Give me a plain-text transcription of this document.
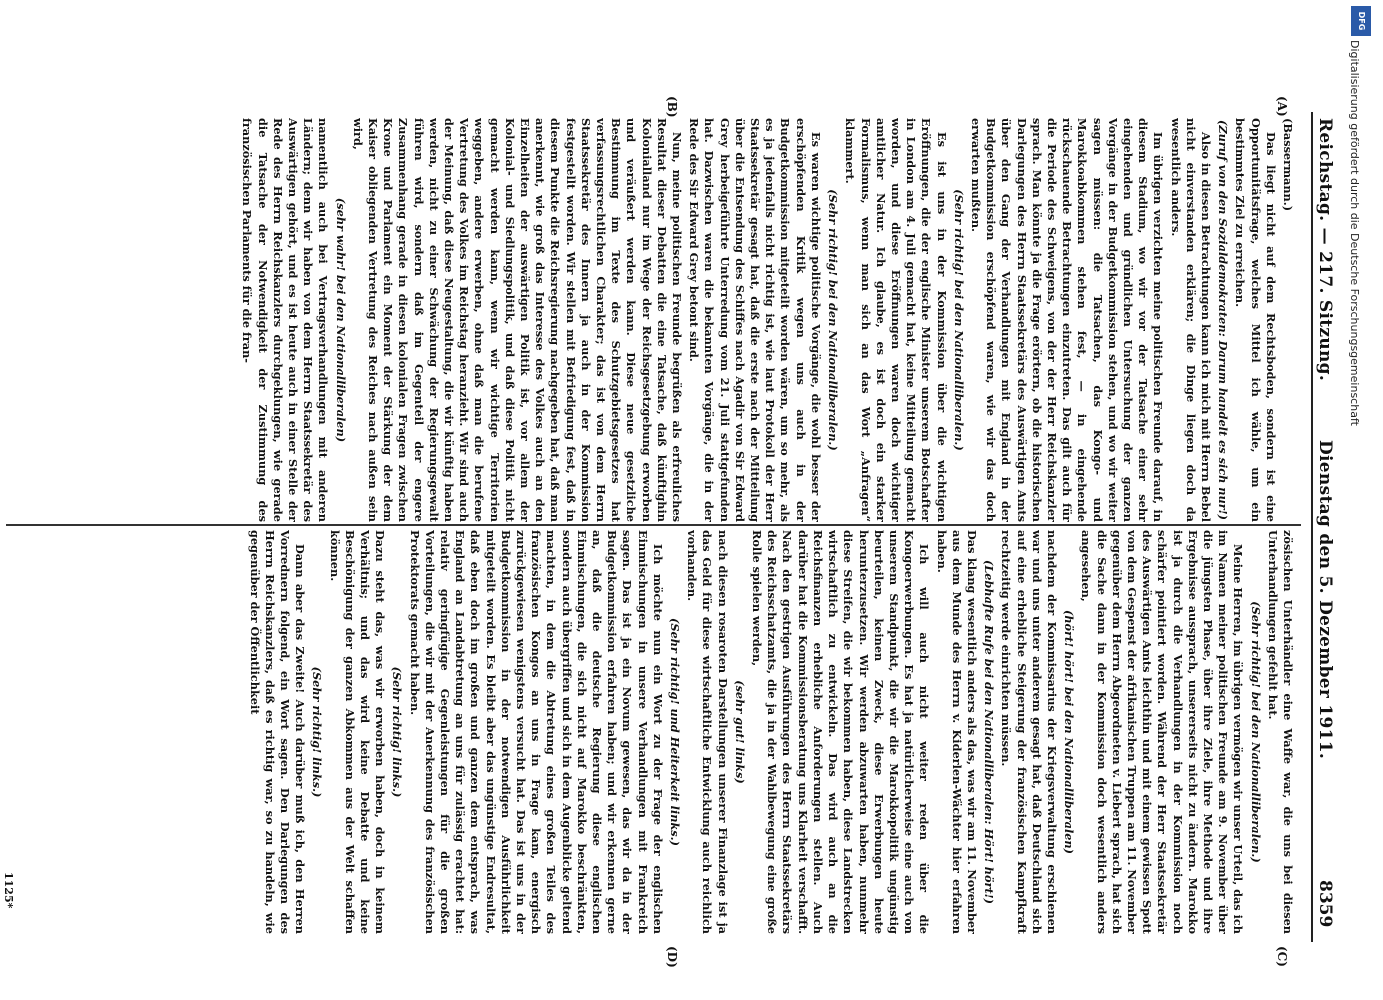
Reichstag. — 217. Sitzung.
Dienstag den 5. Dezember 1911.
8359
(A)
(B)
(C)
(D)

(Bassermann.)

Das liegt nicht auf dem Rechtsboden, sondern ist eine Opportunitätsfrage, welches Mittel ich wähle, um ein bestimmtes Ziel zu erreichen.

(Zuruf von den Sozialdemokraten: Darum handelt es sich nur!)

Also in diesen Betrachtungen kann ich mich mit Herrn Bebel nicht einverstanden erklären; die Dinge liegen doch da wesentlich anders.

Im übrigen verzichten meine politischen Freunde darauf, in diesem Stadium, wo wir vor der Tatsache einer sehr eingehenden und gründlichen Untersuchung der ganzen Vorgänge in der Budgetkommission stehen, und wo wir weiter sagen müssen: die Tatsachen, das Kongo- und Marokkoabkommen stehen fest, — in eingehende rückschauende Betrachtungen einzutreten. Das gilt auch für die Periode des Schweigens, von der der Herr Reichskanzler sprach. Man könnte ja die Frage erörtern, ob die historischen Darlegungen des Herrn Staatssekretärs des Auswärtigen Amts über den Gang der Verhandlungen mit England in der Budgetkommission erschöpfend waren, wie wir das doch erwarten mußten.

(Sehr richtig! bei den Nationalliberalen.)

Es ist uns in der Kommission über die wichtigen Eröffnungen, die der englische Minister unserem Botschafter in London am 4. Juli gemacht hat, keine Mitteilung gemacht worden, und diese Eröffnungen waren doch wichtiger amtlicher Natur. Ich glaube, es ist doch ein starker Formalismus, wenn man sich an das Wort „Anfragen“ klammert.

(Sehr richtig! bei den Nationalliberalen.)

Es waren wichtige politische Vorgänge, die wohl besser der erschöpfenden Kritik wegen uns auch in der Budgetkommission mitgeteilt worden wären, um so mehr, als es ja jedenfalls nicht richtig ist, wie laut Protokoll der Herr Staatssekretär gesagt hat, daß die erste nach der Mitteilung über die Entsendung des Schiffes nach Agadir von Sir Edward Grey herbeigeführte Unterredung vom 21. Juli stattgefunden hat. Dazwischen waren die bekannten Vorgänge, die in der Rede des Sir Edward Grey betont sind.

Nun, meine politischen Freunde begrüßen als erfreuliches Resultat dieser Debatten die eine Tatsache, daß künftighin Kolonialland nur im Wege der Reichsgesetzgebung erworben und veräußert werden kann. Diese neue gesetzliche Bestimmung im Texte des Schutzgebietsgesetzes hat verfassungsrechtlichen Charakter; das ist von dem Herrn Staatssekretär des Innern ja auch in der Kommission festgestellt worden. Wir stellen mit Befriedigung fest, daß in diesem Punkte die Reichsregierung nachgegeben hat, daß man anerkennt, wie groß das Interesse des Volkes auch an den Einzelheiten der auswärtigen Politik ist, vor allem der Kolonial- und Siedlungspolitik, und daß diese Politik nicht gemacht werden kann, wenn wir wichtige Territorien weggeben, andere erwerben, ohne daß man die berufene Vertretung des Volkes im Reichstag heranzieht. Wir sind auch der Meinung, daß diese Neugestaltung, die wir künftig haben werden, nicht zu einer Schwächung der Regierungsgewalt führen wird, sondern daß im Gegenteil der engere Zusammenhang gerade in diesen kolonialen Fragen zwischen Krone und Parlament ein Moment der Stärkung der dem Kaiser obliegenden Vertretung des Reiches nach außen sein wird,

(sehr wahr! bei den Nationalliberalen)

namentlich auch bei Vertragsverhandlungen mit anderen Ländern; denn wir haben von dem Herrn Staatssekretär des Auswärtigen gehört, und es ist heute auch in einer Stelle der Rede des Herrn Reichskanzlers durchgeklungen, wie gerade die Tatsache der Notwendigkeit der Zustimmung des französischen Parlaments für die fran-

zösischen Unterhändler eine Waffe war, die uns bei diesen Unterhandlungen gefehlt hat.

(Sehr richtig! bei den Nationalliberalen.)

Meine Herren, im übrigen vermögen wir unser Urteil, das ich im Namen meiner politischen Freunde am 9. November über die jüngsten Phase, über ihre Ziele, ihre Methode und ihre Ergebnisse aussprach, unsererseits nicht zu ändern. Marokko ist ja durch die Verhandlungen in der Kommission noch schärfer pointiert worden. Während der Herr Staatssekretär des Auswärtigen Amts leichthin und mit einem gewissen Spott von dem Gespenst der afrikanischen Truppen am 11. November gegenüber dem Herrn Abgeordneten v. Liebert sprach, hat sich die Sache dann in der Kommission doch wesentlich anders angesehen,

(hört! hört! bei den Nationalliberalen)

nachdem der Kommissarius der Kriegsverwaltung erschienen war und uns unter anderem gesagt hat, daß Deutschland sich auf eine erhebliche Steigerung der französischen Kampfkraft rechtzeitig werde einrichten müssen.

(Lebhafte Rufe bei den Nationalliberalen: Hört! hört!)

Das klang wesentlich anders als das, was wir am 11. November aus dem Munde des Herrn v. Kiderlen-Wächter hier erfahren haben.

Ich will auch nicht weiter reden über die Kongoerwerbungen. Es hat ja natürlicherweise eine auch von unserem Standpunkt, die wir die Marokkopolitik ungünstig beurteilen, keinen Zweck, diese Erwerbungen heute herunterzusetzen. Wir werden abzuwarten haben, nunmehr diese Streifen, die wir bekommen haben, diese Landstrecken wirtschaftlich zu entwickeln. Das wird auch an die Reichsfinanzen erhebliche Anforderungen stellen. Auch darüber hat die Kommissionsberatung uns Klarheit verschafft. Nach den gestrigen Ausführungen des Herrn Staatssekretärs des Reichsschatzamts, die ja in der Wahlbewegung eine große Rolle spielen werden,

(sehr gut! links)

nach diesen rosaroten Darstellungen unserer Finanzlage ist ja das Geld für diese wirtschaftliche Entwicklung auch reichlich vorhanden.

(Sehr richtig! und Heiterkeit links.)

Ich möchte nun ein Wort zu der Frage der englischen Einmischungen in unsere Verhandlungen mit Frankreich sagen. Das ist ja ein Novum gewesen, das wir da in der Budgetkommission erfahren haben; und wir erkennen gerne an, daß die deutsche Regierung diese englischen Einmischungen, die sich nicht auf Marokko beschränkten, sondern auch übergriffen und sich in dem Augenblicke geltend machten, in dem die Abtretung eines großen Teiles des französischen Kongos an uns in Frage kam, energisch zurückgewiesen wenigstens versucht hat. Das ist uns in der Budgetkommission in der notwendigen Ausführlichkeit mitgeteilt worden. Es bleibt aber das ungünstige Endresultat, daß eben doch im großen und ganzen dem entsprach, was England an Landabtretung an uns für zulässig erachtet hat: relativ geringfügige Gegenleistungen für die großen Vorteilungen, die wir mit der Anerkennung des französischen Protektorats gemacht haben.

(Sehr richtig! links.)

Dazu steht das, was wir erworben haben, doch in keinem Verhältnis; und das wird keine Debatte und keine Beschönigung der ganzen Abkommen aus der Welt schaffen können.

(Sehr richtig! links.)

Dann aber das Zweite! Auch darüber muß ich, den Herren Vorrednern folgend, ein Wort sagen. Den Darlegungen des Herrn Reichskanzlers, daß es richtig war, so zu handeln, wie gegenüber der Öffentlichkeit

1125*
DFG
Digitalisierung gefördert durch die Deutsche Forschungsgemeinschaft
